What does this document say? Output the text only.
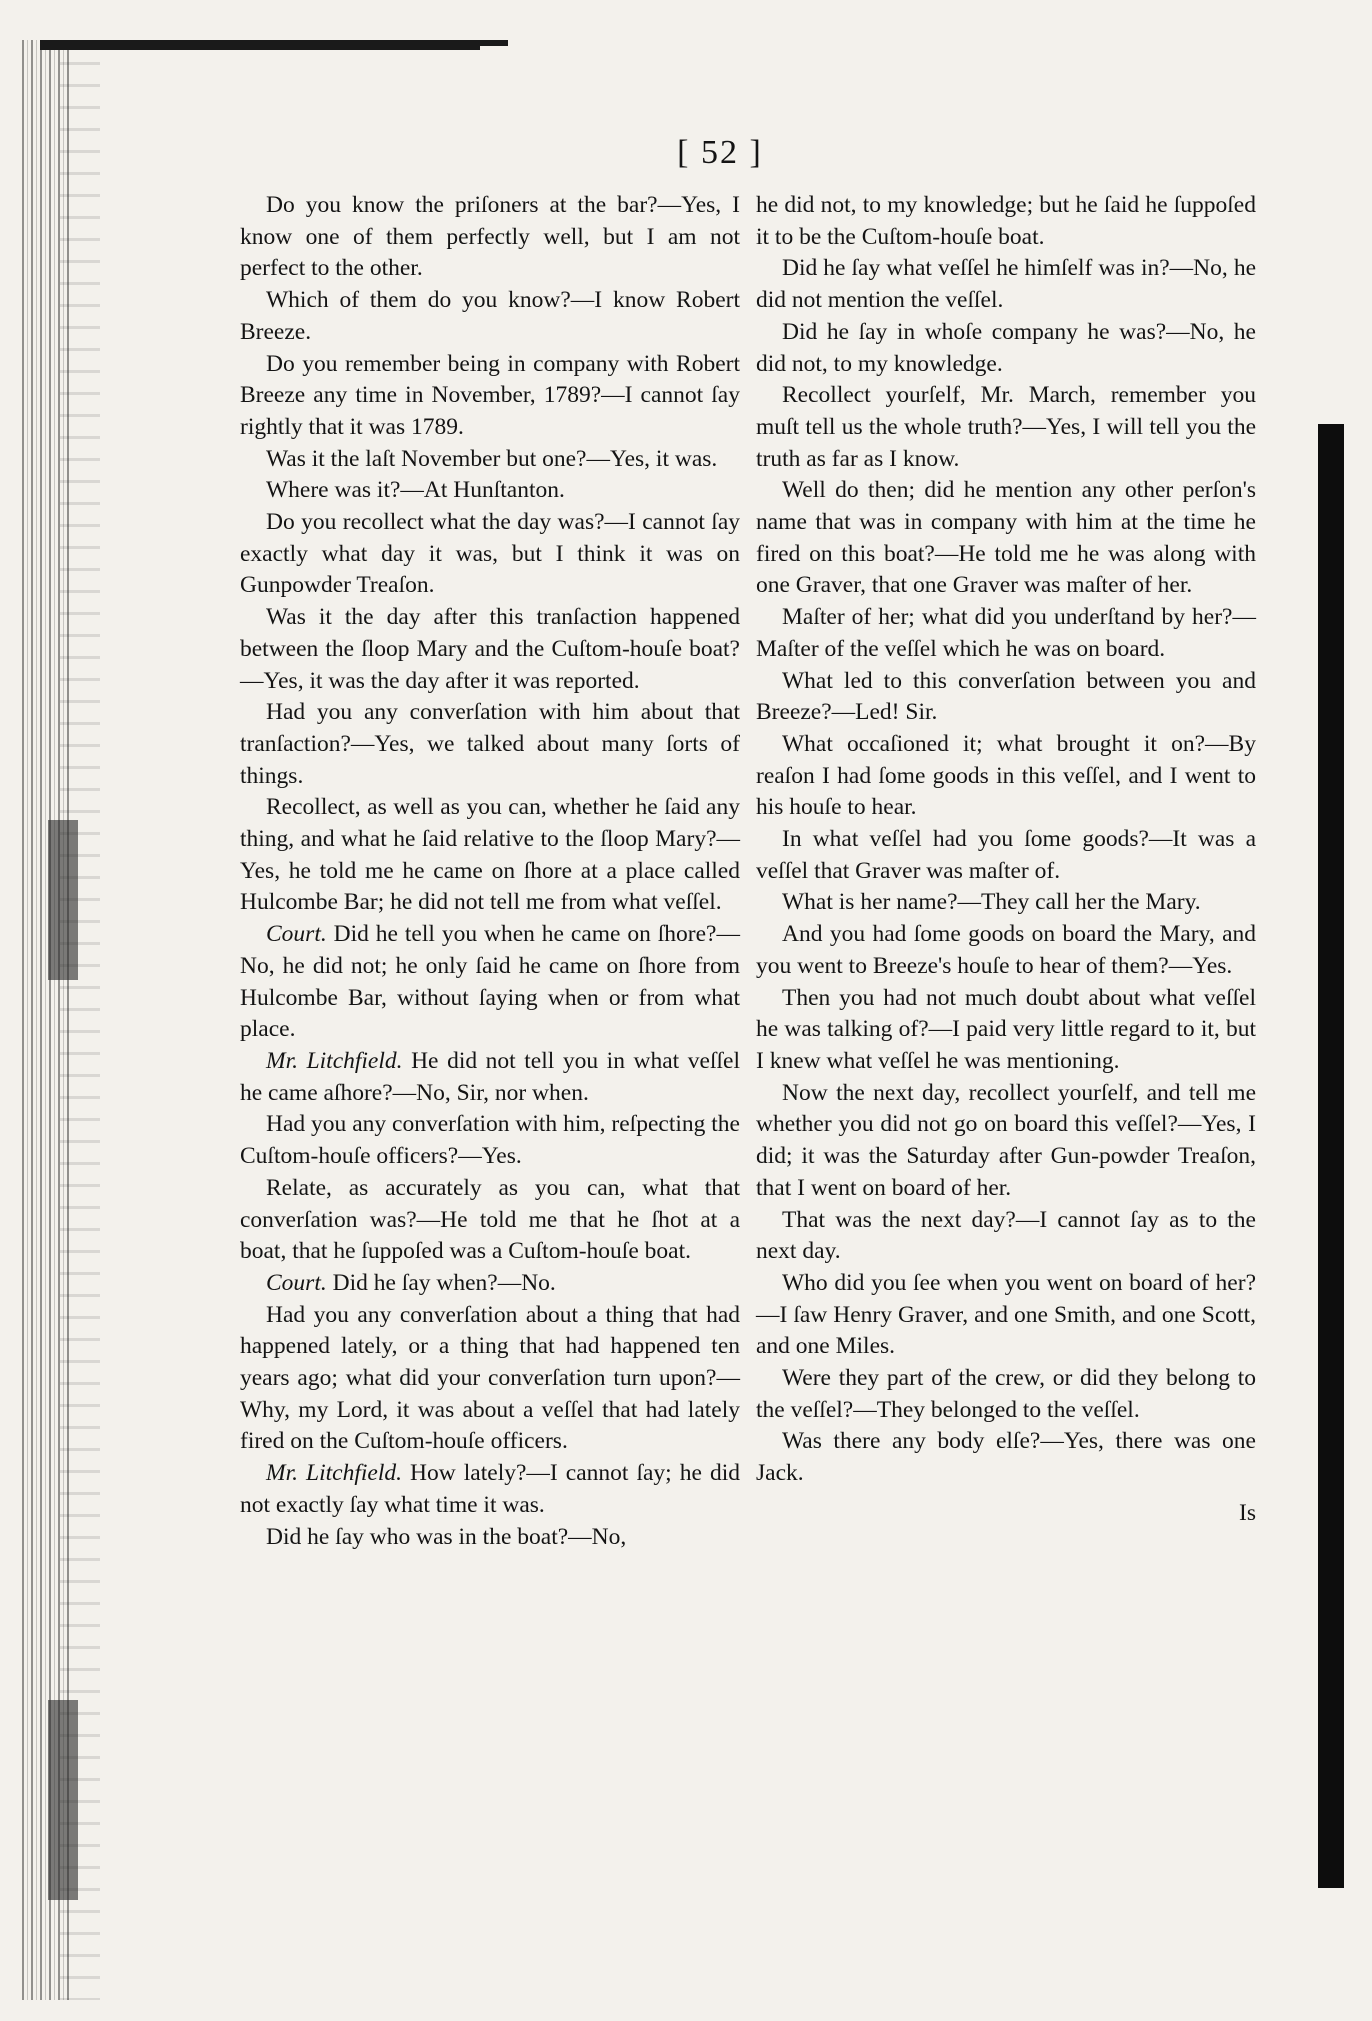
[ 52 ]

Do you know the priſoners at the bar?—Yes, I know one of them perfectly well, but I am not perfect to the other.

Which of them do you know?—I know Robert Breeze.

Do you remember being in company with Robert Breeze any time in November, 1789?—I cannot ſay rightly that it was 1789.

Was it the laſt November but one?—Yes, it was.

Where was it?—At Hunſtanton.

Do you recollect what the day was?—I cannot ſay exactly what day it was, but I think it was on Gunpowder Treaſon.

Was it the day after this tranſaction happened between the ſloop Mary and the Cuſtom-houſe boat?—Yes, it was the day after it was reported.

Had you any converſation with him about that tranſaction?—Yes, we talked about many ſorts of things.

Recollect, as well as you can, whether he ſaid any thing, and what he ſaid relative to the ſloop Mary?—Yes, he told me he came on ſhore at a place called Hulcombe Bar; he did not tell me from what veſſel.

Court. Did he tell you when he came on ſhore?—No, he did not; he only ſaid he came on ſhore from Hulcombe Bar, without ſaying when or from what place.

Mr. Litchfield. He did not tell you in what veſſel he came aſhore?—No, Sir, nor when.

Had you any converſation with him, reſpecting the Cuſtom-houſe officers?—Yes.

Relate, as accurately as you can, what that converſation was?—He told me that he ſhot at a boat, that he ſuppoſed was a Cuſtom-houſe boat.

Court. Did he ſay when?—No.

Had you any converſation about a thing that had happened lately, or a thing that had happened ten years ago; what did your converſation turn upon?—Why, my Lord, it was about a veſſel that had lately fired on the Cuſtom-houſe officers.

Mr. Litchfield. How lately?—I cannot ſay; he did not exactly ſay what time it was.

Did he ſay who was in the boat?—No,

he did not, to my knowledge; but he ſaid he ſuppoſed it to be the Cuſtom-houſe boat.

Did he ſay what veſſel he himſelf was in?—No, he did not mention the veſſel.

Did he ſay in whoſe company he was?—No, he did not, to my knowledge.

Recollect yourſelf, Mr. March, remember you muſt tell us the whole truth?—Yes, I will tell you the truth as far as I know.

Well do then; did he mention any other perſon's name that was in company with him at the time he fired on this boat?—He told me he was along with one Graver, that one Graver was maſter of her.

Maſter of her; what did you underſtand by her?—Maſter of the veſſel which he was on board.

What led to this converſation between you and Breeze?—Led! Sir.

What occaſioned it; what brought it on?—By reaſon I had ſome goods in this veſſel, and I went to his houſe to hear.

In what veſſel had you ſome goods?—It was a veſſel that Graver was maſter of.

What is her name?—They call her the Mary.

And you had ſome goods on board the Mary, and you went to Breeze's houſe to hear of them?—Yes.

Then you had not much doubt about what veſſel he was talking of?—I paid very little regard to it, but I knew what veſſel he was mentioning.

Now the next day, recollect yourſelf, and tell me whether you did not go on board this veſſel?—Yes, I did; it was the Saturday after Gun-powder Treaſon, that I went on board of her.

That was the next day?—I cannot ſay as to the next day.

Who did you ſee when you went on board of her?—I ſaw Henry Graver, and one Smith, and one Scott, and one Miles.

Were they part of the crew, or did they belong to the veſſel?—They belonged to the veſſel.

Was there any body elſe?—Yes, there was one Jack.

Is
